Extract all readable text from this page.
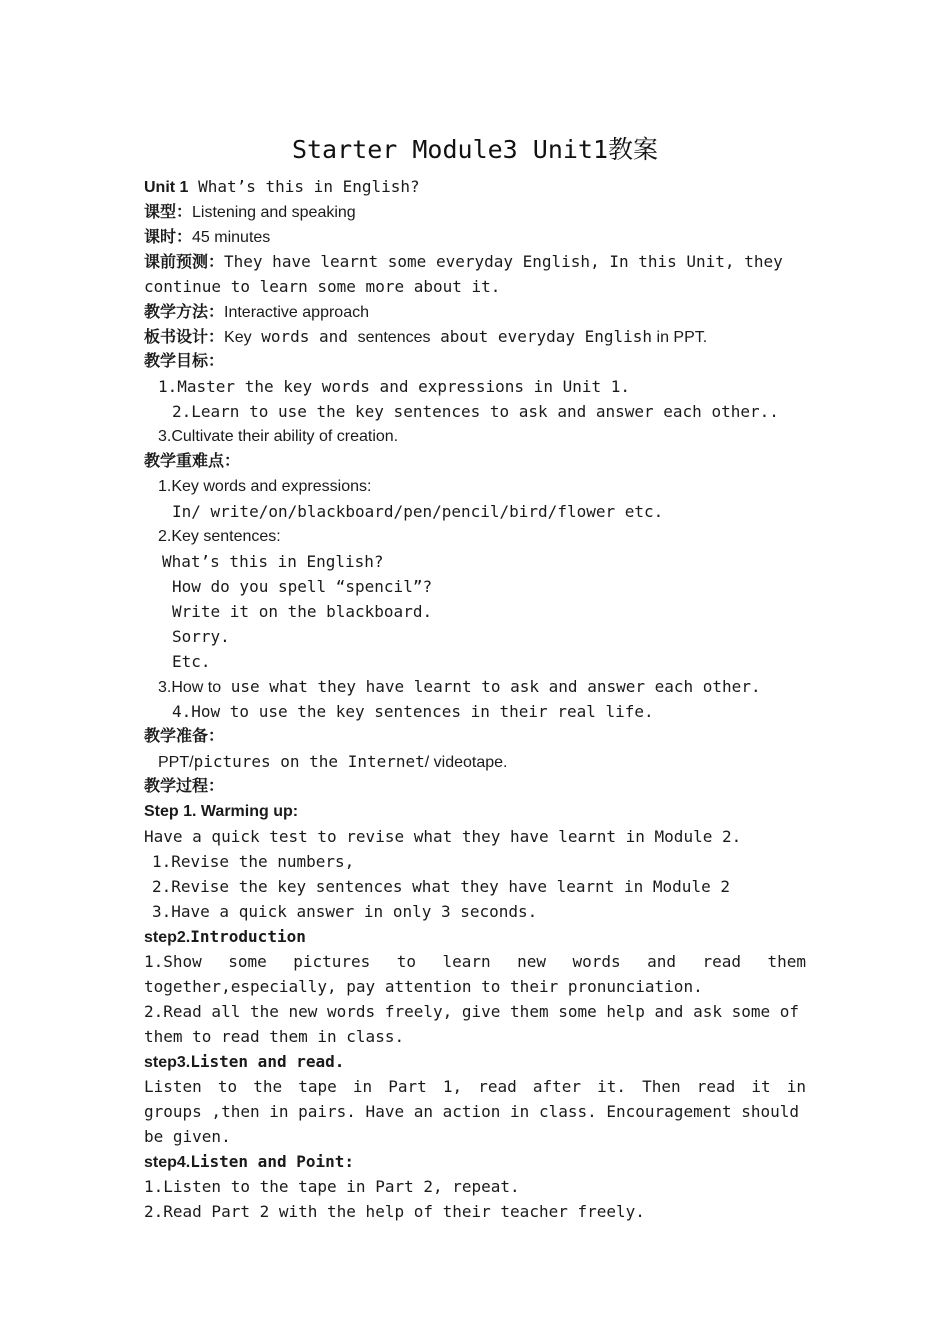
Starter Module3 Unit1教案
Unit 1 What’s this in English?
课型：Listening and speaking
课时：45 minutes
课前预测：They have learnt some everyday English, In this Unit, they
continue to learn some more about it.
教学方法：Interactive approach
板书设计：Key words and sentences about everyday English in PPT.
教学目标：
1.Master the key words and expressions in Unit 1.
2.Learn to use the key sentences to ask and answer each other..
3.Cultivate their ability of creation.
教学重难点：
1.Key words and expressions:
In/ write/on/blackboard/pen/pencil/bird/flower etc.
2.Key sentences:
What’s this in English?
How do you spell “spencil”?
Write it on the blackboard.
Sorry.
Etc.
3.How to use what they have learnt to ask and answer each other.
4.How to use the key sentences in their real life.
教学准备：
PPT/pictures on the Internet/ videotape.
教学过程：
Step 1. Warming up:
Have a quick test to revise what they have learnt in Module 2.
1.Revise the numbers,
2.Revise the key sentences what they have learnt in Module 2
3.Have a quick answer in only 3 seconds.
step2.Introduction
1.Show some pictures to learn new words and read them
together,especially, pay attention to their pronunciation.
2.Read all the new words freely, give them some help and ask some of
them to read them in class.
step3.Listen and read.
Listen to the tape in Part 1, read after it. Then read it in
groups ,then in pairs. Have an action in class. Encouragement should
be given.
step4.Listen and Point:
1.Listen to the tape in Part 2, repeat.
2.Read Part 2 with the help of their teacher freely.
